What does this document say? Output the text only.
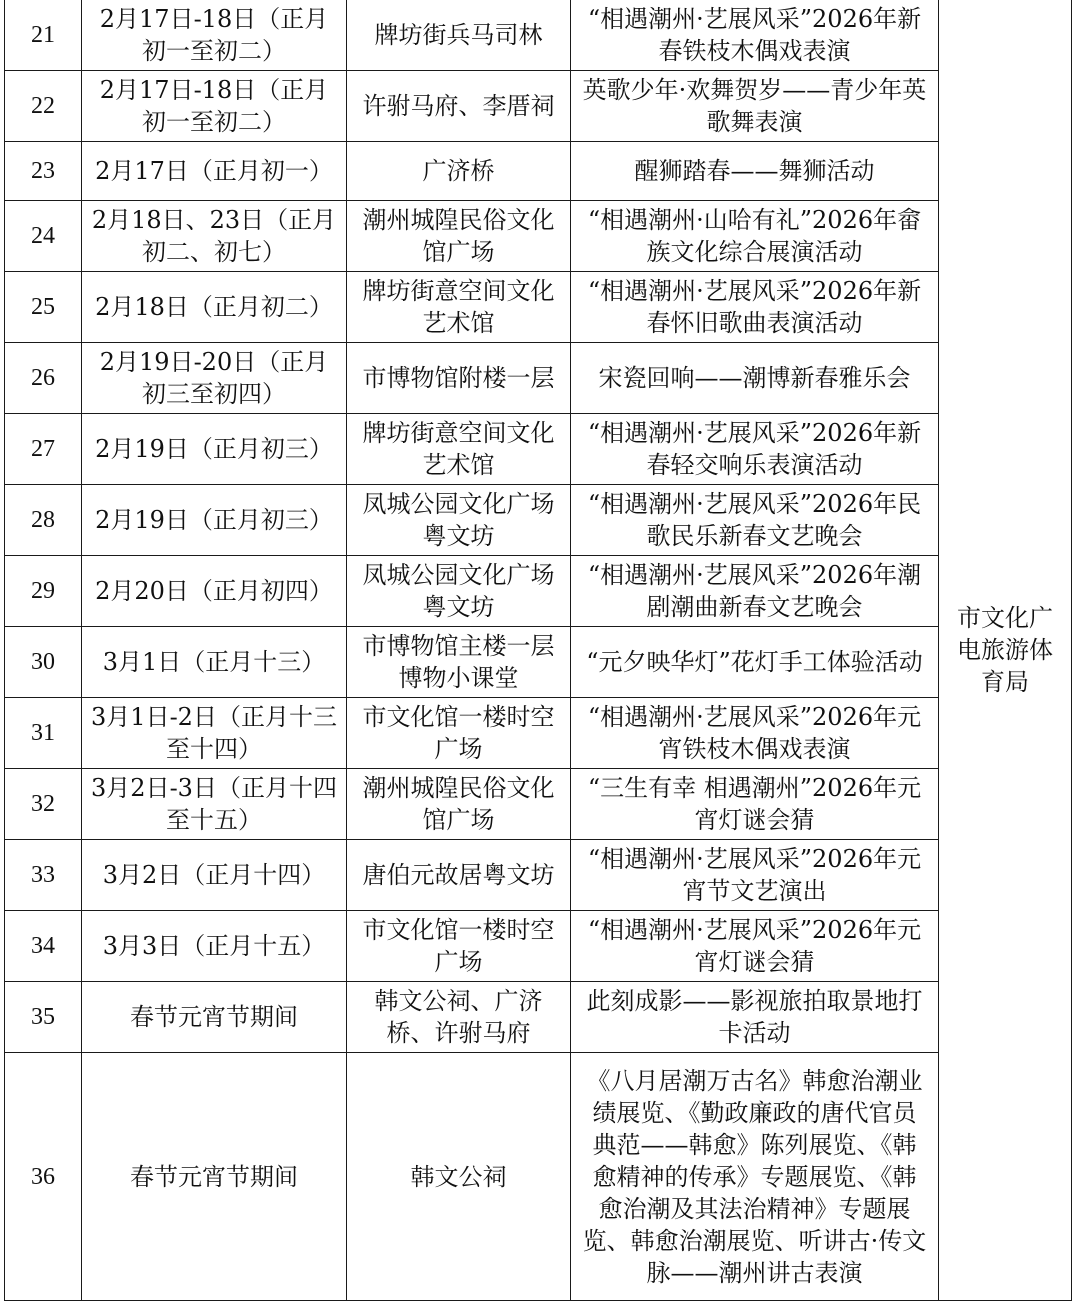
21	2月17日-18日（正月初一至初二）	牌坊街兵马司林	“相遇潮州·艺展风采”2026年新春铁枝木偶戏表演	市文化广电旅游体育局
22	2月17日-18日（正月初一至初二）	许驸马府、李厝祠	英歌少年·欢舞贺岁——青少年英歌舞表演	
23	2月17日（正月初一）	广济桥	醒狮踏春——舞狮活动	
24	2月18日、23日（正月初二、初七）	潮州城隍民俗文化馆广场	“相遇潮州·山哈有礼”2026年畲族文化综合展演活动	
25	2月18日（正月初二）	牌坊街意空间文化艺术馆	“相遇潮州·艺展风采”2026年新春怀旧歌曲表演活动	
26	2月19日-20日（正月初三至初四）	市博物馆附楼一层	宋瓷回响——潮博新春雅乐会	
27	2月19日（正月初三）	牌坊街意空间文化艺术馆	“相遇潮州·艺展风采”2026年新春轻交响乐表演活动	
28	2月19日（正月初三）	凤城公园文化广场粤文坊	“相遇潮州·艺展风采”2026年民歌民乐新春文艺晚会	
29	2月20日（正月初四）	凤城公园文化广场粤文坊	“相遇潮州·艺展风采”2026年潮剧潮曲新春文艺晚会	
30	3月1日（正月十三）	市博物馆主楼一层博物小课堂	“元夕映华灯”花灯手工体验活动	
31	3月1日-2日（正月十三至十四）	市文化馆一楼时空广场	“相遇潮州·艺展风采”2026年元宵铁枝木偶戏表演	
32	3月2日-3日（正月十四至十五）	潮州城隍民俗文化馆广场	“三生有幸 相遇潮州”2026年元宵灯谜会猜	
33	3月2日（正月十四）	唐伯元故居粤文坊	“相遇潮州·艺展风采”2026年元宵节文艺演出	
34	3月3日（正月十五）	市文化馆一楼时空广场	“相遇潮州·艺展风采”2026年元宵灯谜会猜	
35	春节元宵节期间	韩文公祠、广济桥、许驸马府	此刻成影——影视旅拍取景地打卡活动	
36	春节元宵节期间	韩文公祠	《八月居潮万古名》韩愈治潮业绩展览、《勤政廉政的唐代官员典范——韩愈》陈列展览、《韩愈精神的传承》专题展览、《韩愈治潮及其法治精神》专题展览、韩愈治潮展览、听讲古·传文脉——潮州讲古表演	
